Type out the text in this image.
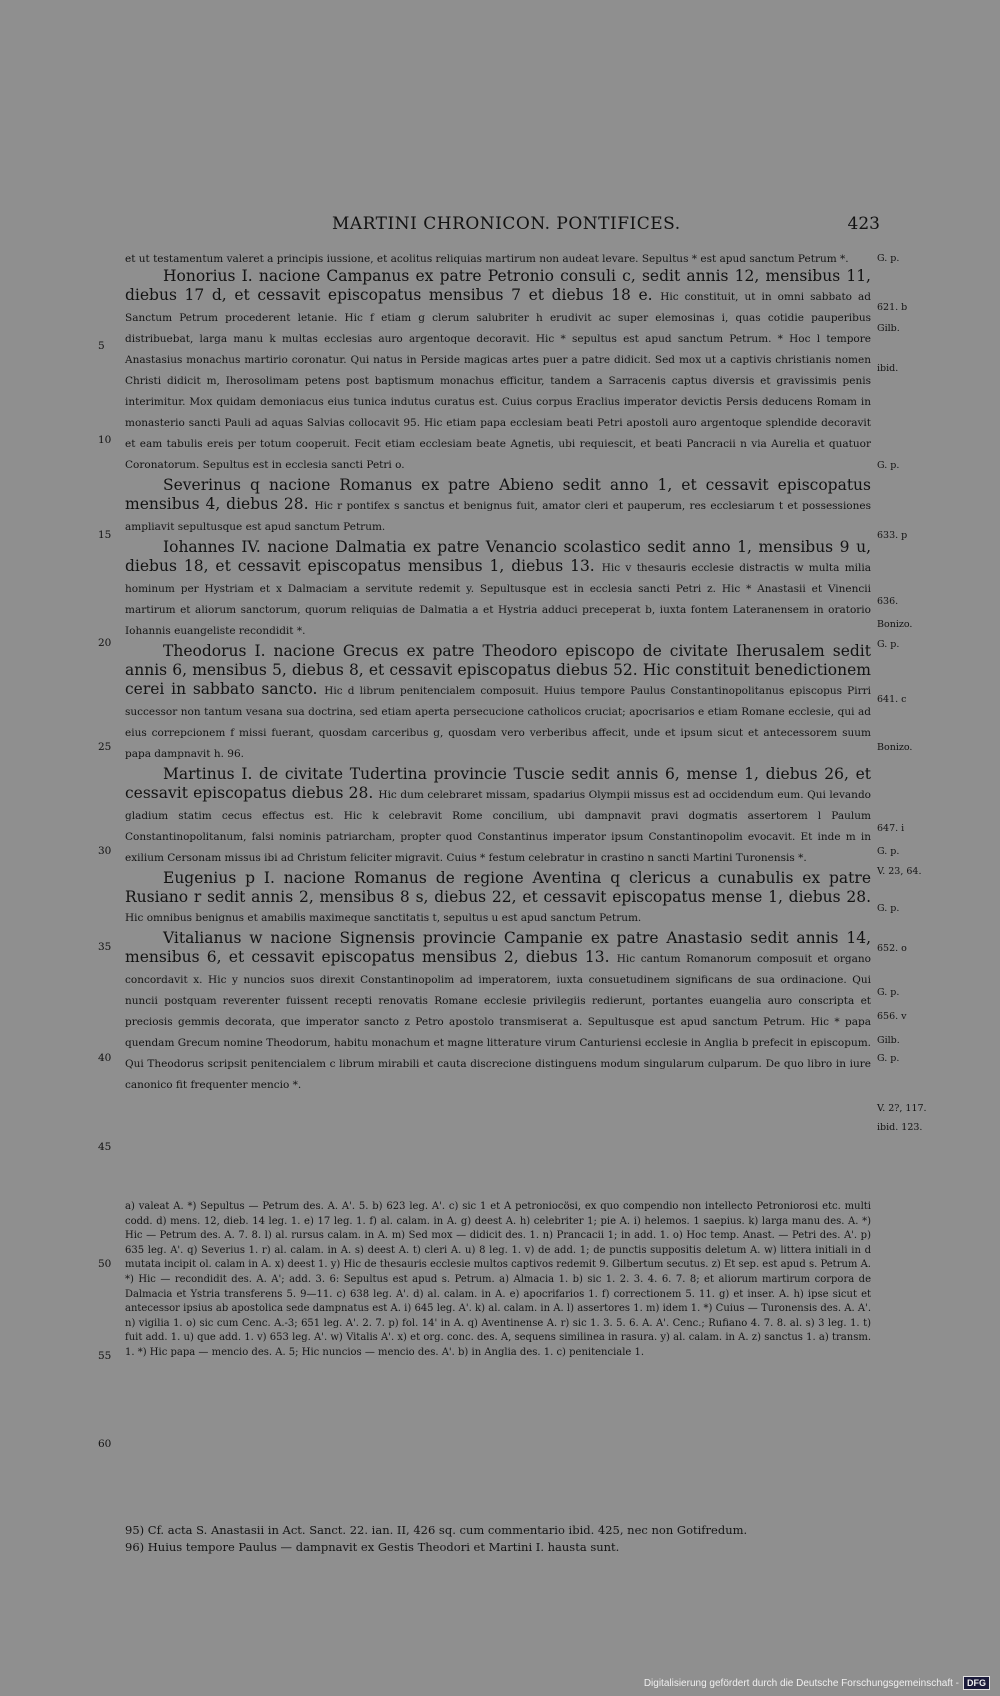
MARTINI CHRONICON. PONTIFICES.	423

et ut testamentum valeret a principis iussione, et acolitus reliquias martirum non audeat levare. Sepultus * est apud sanctum Petrum *.

Honorius I. nacione Campanus ex patre Petronio consuli c, sedit annis 12, mensibus 11, diebus 17 d, et cessavit episcopatus mensibus 7 et diebus 18 e. Hic constituit, ut in omni sabbato ad Sanctum Petrum procederent letanie. Hic f etiam g clerum salubriter h erudivit ac super elemosinas i, quas cotidie pauperibus distribuebat, larga manu k multas ecclesias auro argentoque decoravit. Hic * sepultus est apud sanctum Petrum. * Hoc l tempore Anastasius monachus martirio coronatur. Qui natus in Perside magicas artes puer a patre didicit. Sed mox ut a captivis christianis nomen Christi didicit m, Iherosolimam petens post baptismum monachus efficitur, tandem a Sarracenis captus diversis et gravissimis penis interimitur. Mox quidam demoniacus eius tunica indutus curatus est. Cuius corpus Eraclius imperator devictis Persis deducens Romam in monasterio sancti Pauli ad aquas Salvias collocavit 95. Hic etiam papa ecclesiam beati Petri apostoli auro argentoque splendide decoravit et eam tabulis ereis per totum cooperuit. Fecit etiam ecclesiam beate Agnetis, ubi requiescit, et beati Pancracii n via Aurelia et quatuor Coronatorum. Sepultus est in ecclesia sancti Petri o.

Severinus q nacione Romanus ex patre Abieno sedit anno 1, et cessavit episcopatus mensibus 4, diebus 28. Hic r pontifex s sanctus et benignus fuit, amator cleri et pauperum, res ecclesiarum t et possessiones ampliavit sepultusque est apud sanctum Petrum.

Iohannes IV. nacione Dalmatia ex patre Venancio scolastico sedit anno 1, mensibus 9 u, diebus 18, et cessavit episcopatus mensibus 1, diebus 13. Hic v thesauris ecclesie distractis w multa milia hominum per Hystriam et x Dalmaciam a servitute redemit y. Sepultusque est in ecclesia sancti Petri z. Hic * Anastasii et Vinencii martirum et aliorum sanctorum, quorum reliquias de Dalmatia a et Hystria adduci preceperat b, iuxta fontem Lateranensem in oratorio Iohannis euangeliste recondidit *.

Theodorus I. nacione Grecus ex patre Theodoro episcopo de civitate Iherusalem sedit annis 6, mensibus 5, diebus 8, et cessavit episcopatus diebus 52. Hic constituit benedictionem cerei in sabbato sancto. Hic d librum penitencialem composuit. Huius tempore Paulus Constantinopolitanus episcopus Pirri successor non tantum vesana sua doctrina, sed etiam aperta persecucione catholicos cruciat; apocrisarios e etiam Romane ecclesie, qui ad eius correpcionem f missi fuerant, quosdam carceribus g, quosdam vero verberibus affecit, unde et ipsum sicut et antecessorem suum papa dampnavit h. 96.

Martinus I. de civitate Tudertina provincie Tuscie sedit annis 6, mense 1, diebus 26, et cessavit episcopatus diebus 28. Hic dum celebraret missam, spadarius Olympii missus est ad occidendum eum. Qui levando gladium statim cecus effectus est. Hic k celebravit Rome concilium, ubi dampnavit pravi dogmatis assertorem l Paulum Constantinopolitanum, falsi nominis patriarcham, propter quod Constantinus imperator ipsum Constantinopolim evocavit. Et inde m in exilium Cersonam missus ibi ad Christum feliciter migravit. Cuius * festum celebratur in crastino n sancti Martini Turonensis *.

Eugenius p I. nacione Romanus de regione Aventina q clericus a cunabulis ex patre Rusiano r sedit annis 2, mensibus 8 s, diebus 22, et cessavit episcopatus mense 1, diebus 28. Hic omnibus benignus et amabilis maximeque sanctitatis t, sepultus u est apud sanctum Petrum.

Vitalianus w nacione Signensis provincie Campanie ex patre Anastasio sedit annis 14, mensibus 6, et cessavit episcopatus mensibus 2, diebus 13. Hic cantum Romanorum composuit et organo concordavit x. Hic y nuncios suos direxit Constantinopolim ad imperatorem, iuxta consuetudinem significans de sua ordinacione. Qui nuncii postquam reverenter fuissent recepti renovatis Romane ecclesie privilegiis redierunt, portantes euangelia auro conscripta et preciosis gemmis decorata, que imperator sancto z Petro apostolo transmiserat a. Sepultusque est apud sanctum Petrum. Hic * papa quendam Grecum nomine Theodorum, habitu monachum et magne litterature virum Canturiensi ecclesie in Anglia b prefecit in episcopum. Qui Theodorus scripsit penitencialem c librum mirabili et cauta discrecione distinguens modum singularum culparum. De quo libro in iure canonico fit frequenter mencio *.

G. p.
621. b
Gilb.
ibid.
G. p.
633. p
636.
Bonizo.
G. p.
641. c
Bonizo.
647. i
G. p.
V. 23, 64.
G. p.
652. o
G. p.
656. v
Gilb.
G. p.
V. 2?, 117.
ibid. 123.
5
10
15
20
25
30
35
40
45
50
55
60

a) valeat A. *) Sepultus — Petrum des. A. A'. 5. b) 623 leg. A'. c) sic 1 et A petroniocösi, ex quo compendio non intellecto Petroniorosi etc. multi codd. d) mens. 12, dieb. 14 leg. 1. e) 17 leg. 1. f) al. calam. in A. g) deest A. h) celebriter 1; pie A. i) helemos. 1 saepius. k) larga manu des. A. *) Hic — Petrum des. A. 7. 8. l) al. rursus calam. in A. m) Sed mox — didicit des. 1. n) Prancacii 1; in add. 1. o) Hoc temp. Anast. — Petri des. A'. p) 635 leg. A'. q) Severius 1. r) al. calam. in A. s) deest A. t) cleri A. u) 8 leg. 1. v) de add. 1; de punctis suppositis deletum A. w) littera initiali in d mutata incipit ol. calam in A. x) deest 1. y) Hic de thesauris ecclesie multos captivos redemit 9. Gilbertum secutus. z) Et sep. est apud s. Petrum A. *) Hic — recondidit des. A. A'; add. 3. 6: Sepultus est apud s. Petrum. a) Almacia 1. b) sic 1. 2. 3. 4. 6. 7. 8; et aliorum martirum corpora de Dalmacia et Ystria transferens 5. 9—11. c) 638 leg. A'. d) al. calam. in A. e) apocrifarios 1. f) correctionem 5. 11. g) et inser. A. h) ipse sicut et antecessor ipsius ab apostolica sede dampnatus est A. i) 645 leg. A'. k) al. calam. in A. l) assertores 1. m) idem 1. *) Cuius — Turonensis des. A. A'. n) vigilia 1. o) sic cum Cenc. A.-3; 651 leg. A'. 2. 7. p) fol. 14' in A. q) Aventinense A. r) sic 1. 3. 5. 6. A. A'. Cenc.; Rufiano 4. 7. 8. al. s) 3 leg. 1. t) fuit add. 1. u) que add. 1. v) 653 leg. A'. w) Vitalis A'. x) et org. conc. des. A, sequens similinea in rasura. y) al. calam. in A. z) sanctus 1. a) transm. 1. *) Hic papa — mencio des. A. 5; Hic nuncios — mencio des. A'. b) in Anglia des. 1. c) penitenciale 1.

95) Cf. acta S. Anastasii in Act. Sanct. 22. ian. II, 426 sq. cum commentario ibid. 425, nec non Gotifredum.

96) Huius tempore Paulus — dampnavit ex Gestis Theodori et Martini I. hausta sunt.

Digitalisierung gefördert durch die Deutsche Forschungsgemeinschaft - DFG
